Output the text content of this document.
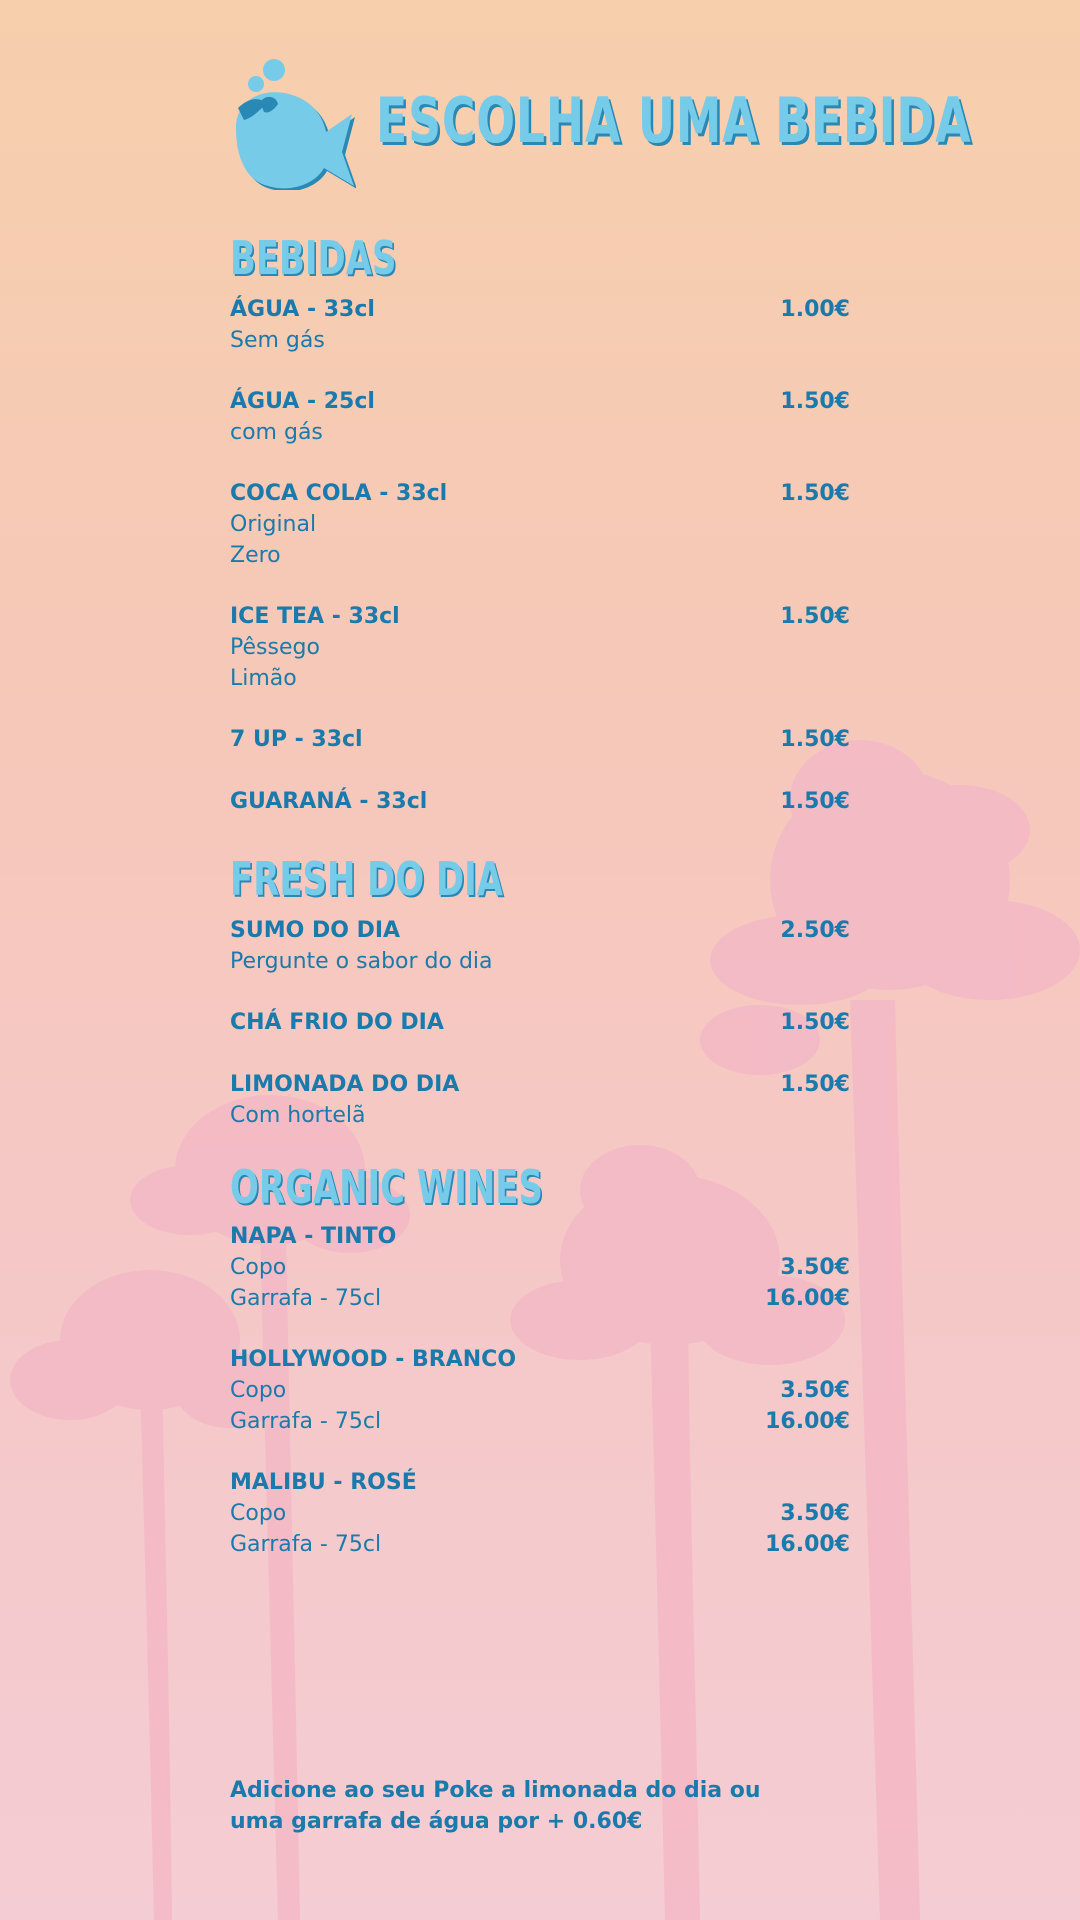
ESCOLHA UMA BEBIDA
BEBIDAS
ÁGUA - 33cl	1.00€
Sem gás
ÁGUA - 25cl	1.50€
com gás
COCA COLA - 33cl	1.50€
Original
Zero
ICE TEA - 33cl	1.50€
Pêssego
Limão
7 UP - 33cl	1.50€
GUARANÁ - 33cl	1.50€
FRESH DO DIA
SUMO DO DIA	2.50€
Pergunte o sabor do dia
CHÁ FRIO DO DIA	1.50€
LIMONADA DO DIA	1.50€
Com hortelã
ORGANIC WINES
NAPA - TINTO
Copo	3.50€
Garrafa - 75cl	16.00€
HOLLYWOOD - BRANCO
Copo	3.50€
Garrafa - 75cl	16.00€
MALIBU - ROSÉ
Copo	3.50€
Garrafa - 75cl	16.00€

Adicione ao seu Poke a limonada do dia ou
uma garrafa de água por + 0.60€
